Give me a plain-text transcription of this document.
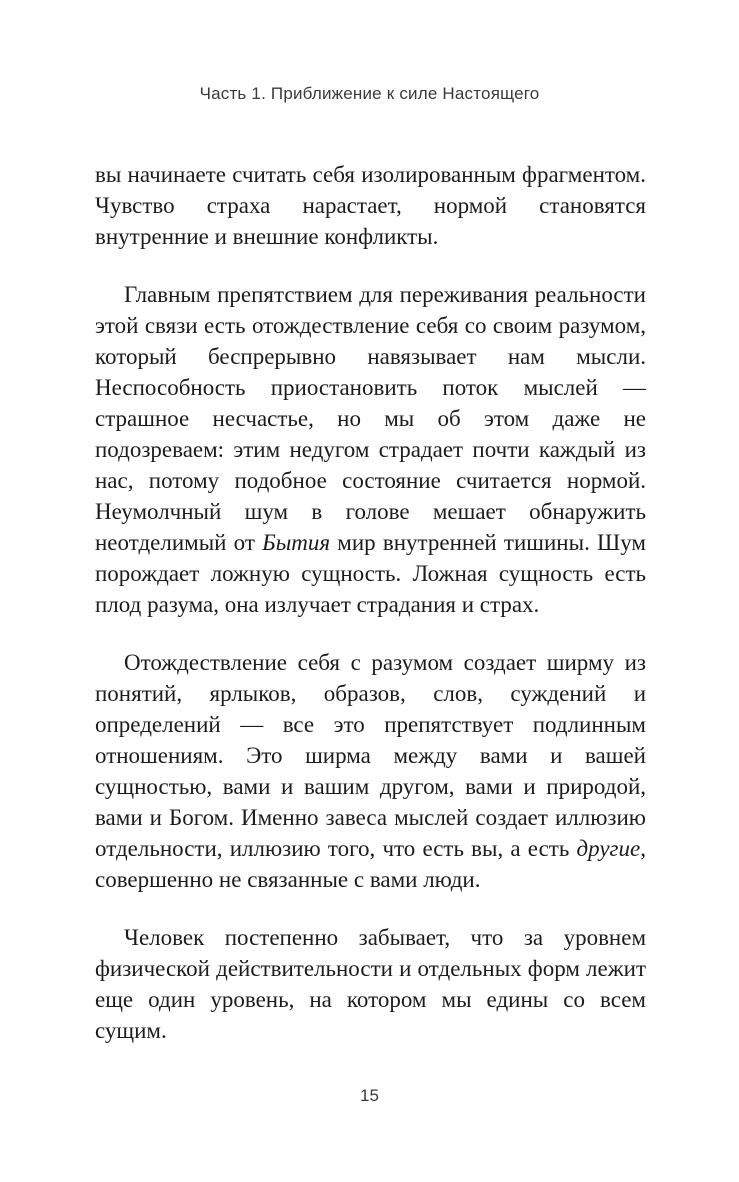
Часть 1. Приближение к силе Настоящего

вы начинаете считать себя изолированным фрагментом. Чувство страха нарастает, нормой становятся внутренние и внешние конфликты.

Главным препятствием для переживания реальности этой связи есть отождествление себя со своим разумом, который беспрерывно навязывает нам мысли. Неспособность приостановить поток мыслей — страшное несчастье, но мы об этом даже не подозреваем: этим недугом страдает почти каждый из нас, потому подобное состояние считается нормой. Неумолчный шум в голове мешает обнаружить неотделимый от Бытия мир внутренней тишины. Шум порождает ложную сущность. Ложная сущность есть плод разума, она излучает страдания и страх.

Отождествление себя с разумом создает ширму из понятий, ярлыков, образов, слов, суждений и определений — все это препятствует подлинным отношениям. Это ширма между вами и вашей сущностью, вами и вашим другом, вами и природой, вами и Богом. Именно завеса мыслей создает иллюзию отдельности, иллюзию того, что есть вы, а есть другие, совершенно не связанные с вами люди.

Человек постепенно забывает, что за уровнем физической действительности и отдельных форм лежит еще один уровень, на котором мы едины со всем сущим.

15
